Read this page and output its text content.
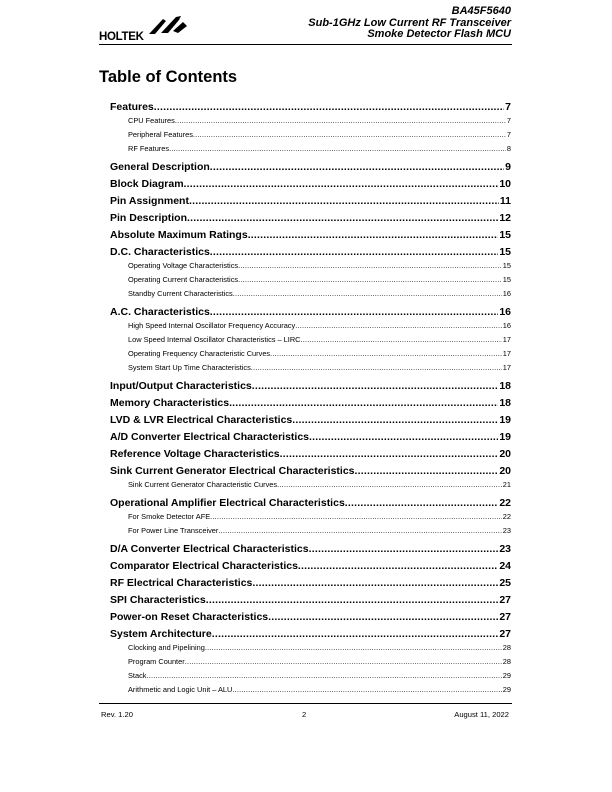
HOLTEK
BA45F5640
Sub-1GHz Low Current RF Transceiver
Smoke Detector Flash MCU
Table of Contents
Features .....	7
CPU Features .....	7
Peripheral Features .....	7
RF Features .....	8
General Description .....	9
Block Diagram .....	10
Pin Assignment .....	11
Pin Description .....	12
Absolute Maximum Ratings .....	15
D.C. Characteristics .....	15
Operating Voltage Characteristics .....	15
Operating Current Characteristics .....	15
Standby Current Characteristics .....	16
A.C. Characteristics .....	16
High Speed Internal Oscillator Frequency Accuracy .....	16
Low Speed Internal Oscillator Characteristics – LIRC .....	17
Operating Frequency Characteristic Curves .....	17
System Start Up Time Characteristics .....	17
Input/Output Characteristics .....	18
Memory Characteristics .....	18
LVD & LVR Electrical Characteristics .....	19
A/D Converter Electrical Characteristics .....	19
Reference Voltage Characteristics .....	20
Sink Current Generator Electrical Characteristics .....	20
Sink Current Generator Characteristic Curves .....	21
Operational Amplifier Electrical Characteristics .....	22
For Smoke Detector AFE .....	22
For Power Line Transceiver .....	23
D/A Converter Electrical Characteristics .....	23
Comparator Electrical Characteristics .....	24
RF Electrical Characteristics .....	25
SPI Characteristics .....	27
Power-on Reset Characteristics .....	27
System Architecture .....	27
Clocking and Pipelining .....	28
Program Counter .....	28
Stack .....	29
Arithmetic and Logic Unit – ALU .....	29
Rev. 1.20	2	August 11, 2022
